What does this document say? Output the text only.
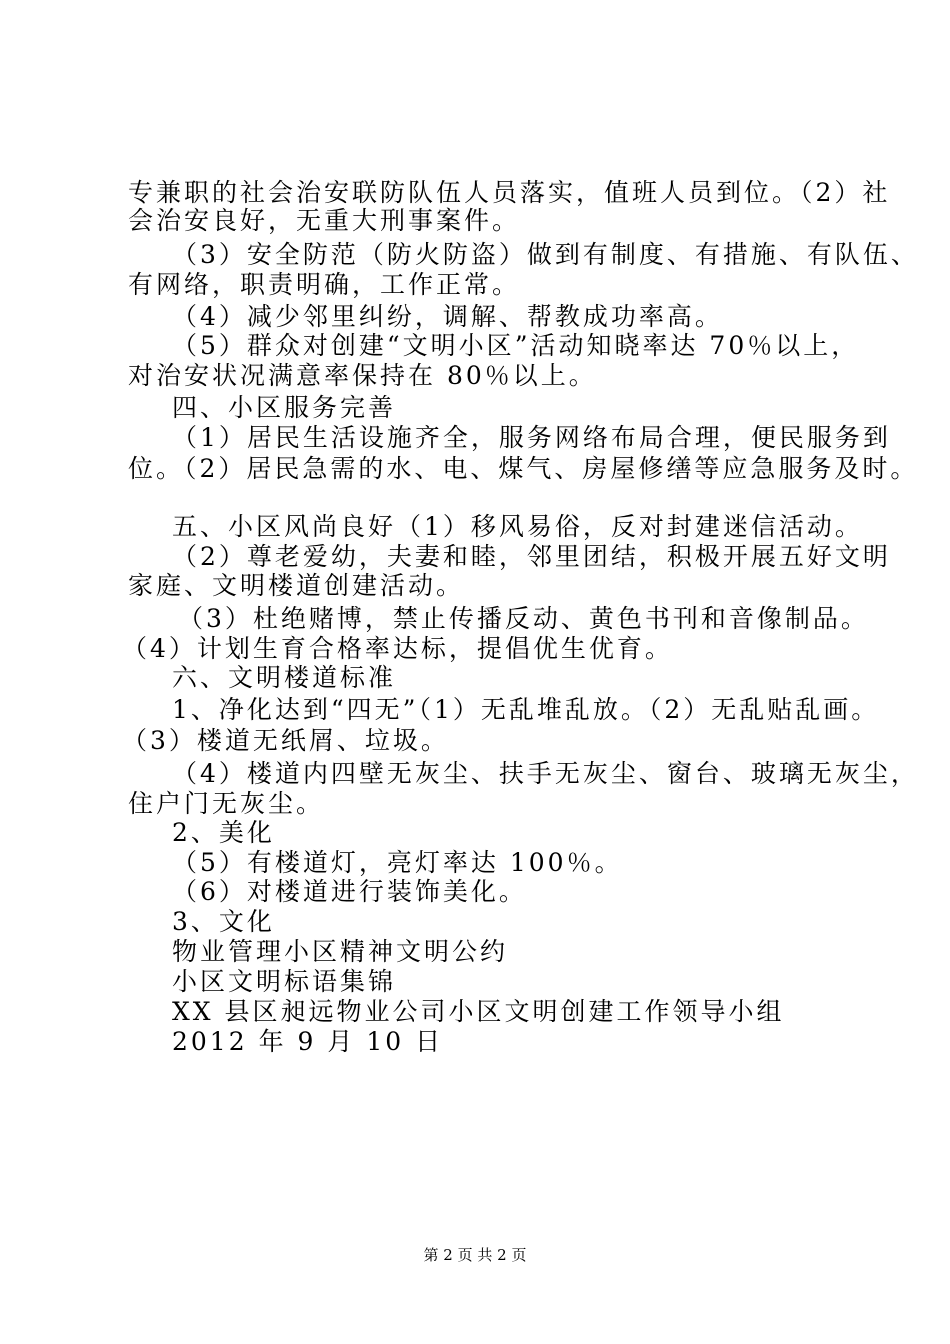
专兼职的社会治安联防队伍人员落实，值班人员到位。（2）社
会治安良好，无重大刑事案件。
（3）安全防范（防火防盗）做到有制度、有措施、有队伍、
有网络，职责明确，工作正常。
（4）减少邻里纠纷，调解、帮教成功率高。
（5）群众对创建“文明小区”活动知晓率达 70％以上，
对治安状况满意率保持在 80％以上。
四、小区服务完善
（1）居民生活设施齐全，服务网络布局合理，便民服务到
位。（2）居民急需的水、电、煤气、房屋修缮等应急服务及时。
五、小区风尚良好（1）移风易俗，反对封建迷信活动。
（2）尊老爱幼，夫妻和睦，邻里团结，积极开展五好文明
家庭、文明楼道创建活动。
（3）杜绝赌博，禁止传播反动、黄色书刊和音像制品。
（4）计划生育合格率达标，提倡优生优育。
六、文明楼道标准
1、净化达到“四无”（1）无乱堆乱放。（2）无乱贴乱画。
（3）楼道无纸屑、垃圾。
（4）楼道内四壁无灰尘、扶手无灰尘、窗台、玻璃无灰尘，
住户门无灰尘。
2、美化
（5）有楼道灯，亮灯率达 100％。
（6）对楼道进行装饰美化。
3、文化
物业管理小区精神文明公约
小区文明标语集锦
XX 县区昶远物业公司小区文明创建工作领导小组
2012 年 9 月 10 日
第 2 页 共 2 页
